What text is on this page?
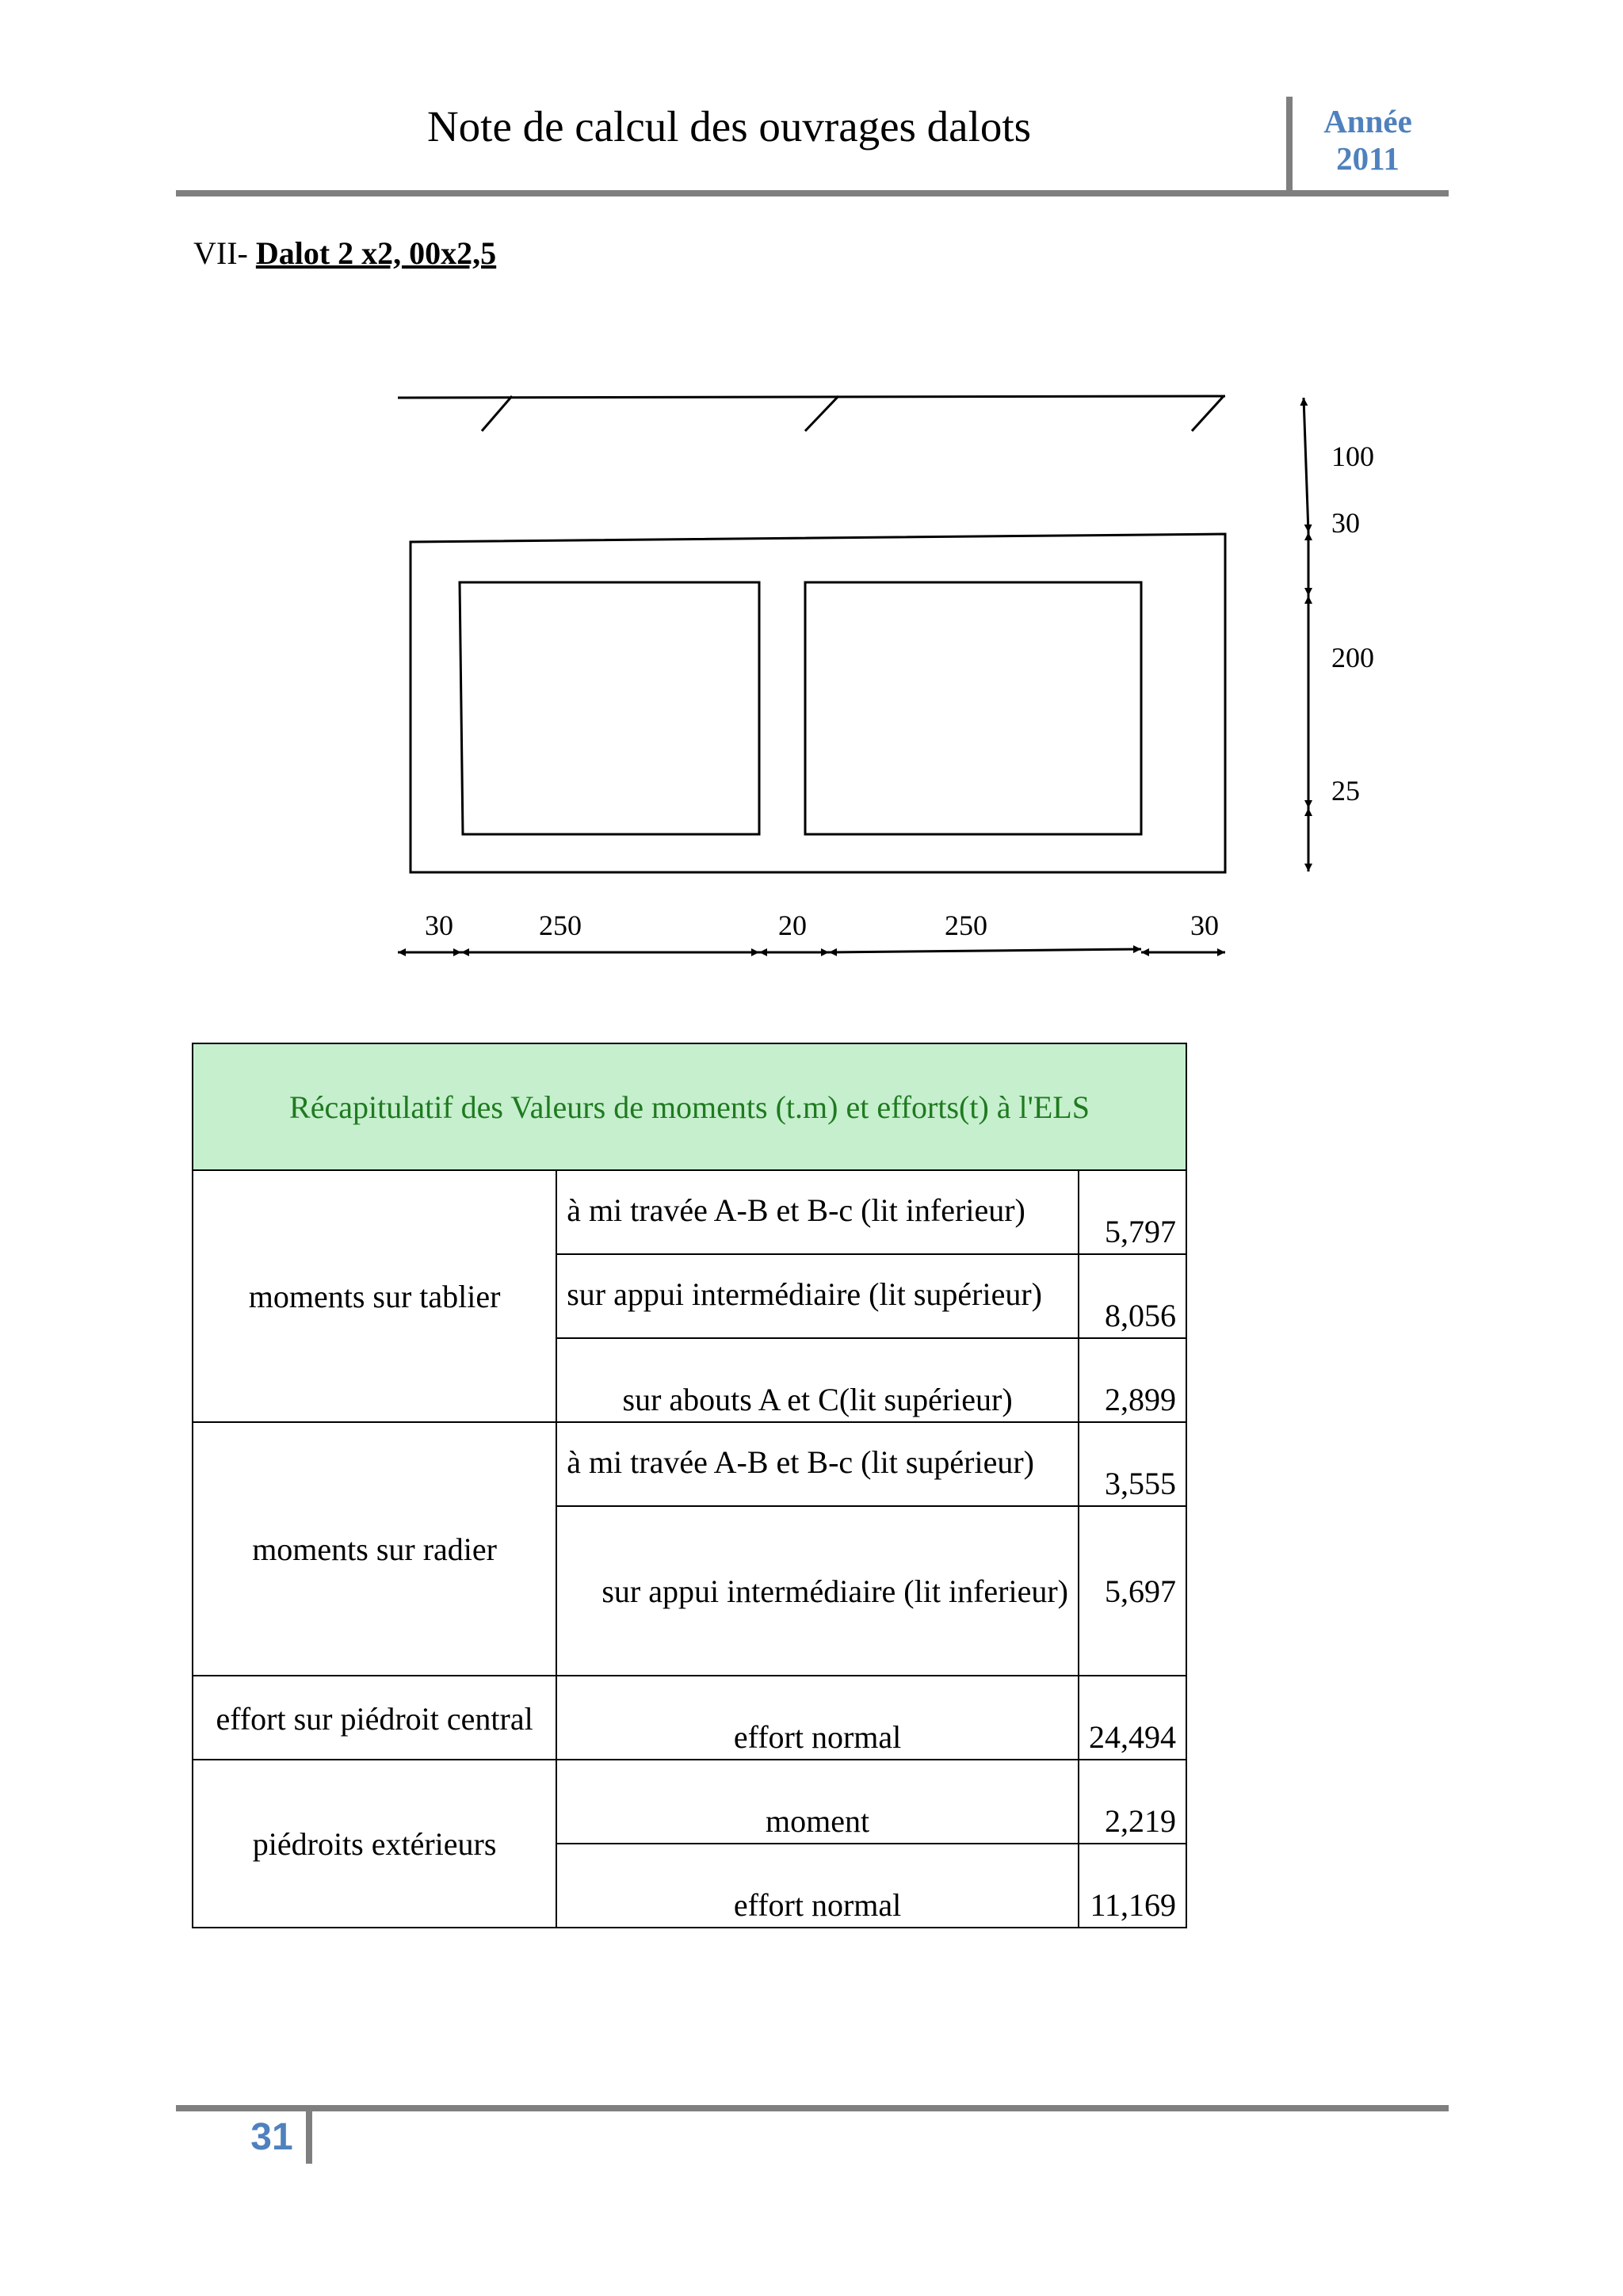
Note de calcul des ouvrages dalots	Année
2011
VII- Dalot 2 x2, 00x2,5
100
30
200
25
30	250	20	250	30
Récapitulatif des Valeurs de moments (t.m) et efforts(t) à l'ELS		
moments sur tablier	à mi travée A-B et B-c (lit inferieur)	5,797
	sur appui intermédiaire (lit supérieur)	8,056
	sur abouts A et C(lit supérieur)	2,899
moments sur radier	à mi travée A-B et B-c (lit supérieur)	3,555
	sur appui intermédiaire (lit inferieur)	5,697
effort sur piédroit central	effort normal	24,494
piédroits extérieurs	moment	2,219
	effort normal	11,169
31
